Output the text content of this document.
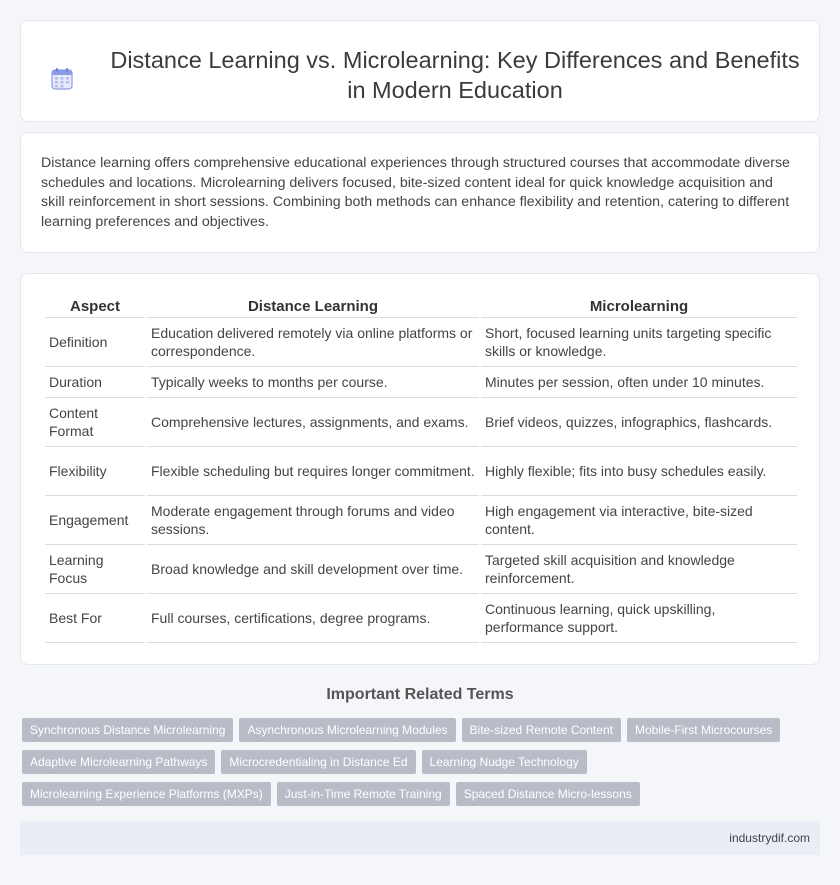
Distance Learning vs. Microlearning: Key Differences and Benefits in Modern Education

Distance learning offers comprehensive educational experiences through structured courses that accommodate diverse schedules and locations. Microlearning delivers focused, bite-sized content ideal for quick knowledge acquisition and skill reinforcement in short sessions. Combining both methods can enhance flexibility and retention, catering to different learning preferences and objectives.

Aspect	Distance Learning	Microlearning
Definition	Education delivered remotely via online platforms or correspondence.	Short, focused learning units targeting specific skills or knowledge.
Duration	Typically weeks to months per course.	Minutes per session, often under 10 minutes.
Content Format	Comprehensive lectures, assignments, and exams.	Brief videos, quizzes, infographics, flashcards.
Flexibility	Flexible scheduling but requires longer commitment.	Highly flexible; fits into busy schedules easily.
Engagement	Moderate engagement through forums and video sessions.	High engagement via interactive, bite-sized content.
Learning Focus	Broad knowledge and skill development over time.	Targeted skill acquisition and knowledge reinforcement.
Best For	Full courses, certifications, degree programs.	Continuous learning, quick upskilling, performance support.
Important Related Terms
Synchronous Distance Microlearning	Asynchronous Microlearning Modules	Bite-sized Remote Content	Mobile-First Microcourses
Adaptive Microlearning Pathways	Microcredentialing in Distance Ed	Learning Nudge Technology
Microlearning Experience Platforms (MXPs)	Just-in-Time Remote Training	Spaced Distance Micro-lessons
industrydif.com
